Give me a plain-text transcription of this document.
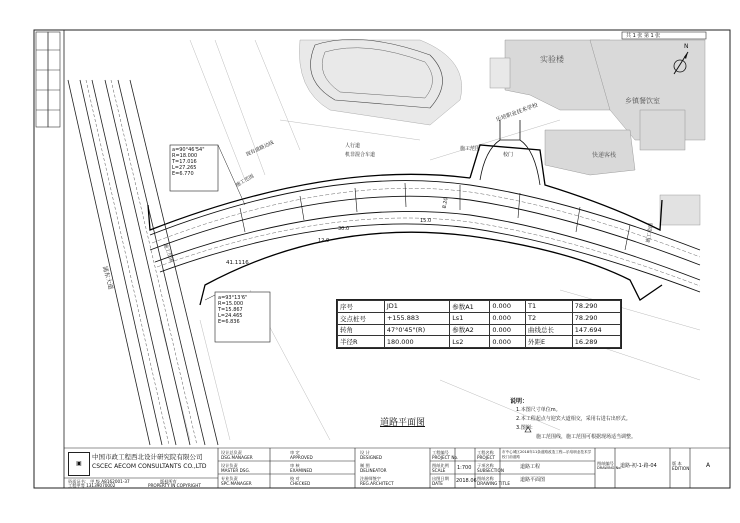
共 1 张 第 1 张
N
实验楼
乐培职业技术学校
乡镇餐饮室
快递客栈
校门
人行道
机非混合车道
现有道路边线	施工范围
施工范围
施工范围
施工范围
浦东大道
30.0
15.0
12.0
8.20
41.1116
a=90°46'54"
R=18.000
T=17.016
L=27.265
E=6.770
a=93°13'6"
R=15.000
T=15.867
L=24.465
E=6.836
序号	JD1	参数A1	0.000	T1	78.290
交点桩号	+155.883	Ls1	0.000	T2	78.290
转角	47°0'45"(R)	参数A2	0.000	曲线总长	147.694
半径R	180.000	Ls2	0.000	外距E	16.289
道路平面图
说明：
1.本图尺寸单位m。
2.本工程起点与迎宾大道相交，采用右进右出形式。
3.图例：
施工范围线，施工范围可根据现场适当调整。
▣
中国市政工程西北设计研究院有限公司
CSCEC AECOM CONSULTANTS CO.,LTD
资质证书： 甲 级 A8162001-37
工程甲等 13139070002
版权所有
PROPERTY IN COPYRIGHT
设计总负责
DSG.MANAGER
设计负责
MASTER DSG.
专业负责
SPC.MANAGER
审 定
APPROVED
审 核
EXAMINED
校 对
CHECKED
设 计
DESIGNED
制 图
DELINEATOR
注册师签字
REG.ARCHITECT
工程编号
PROJECT No.
图纸比例
SCALE 1:700
出图日期
DATE	2018.06
工程名称
PROJECT
市中心城区2018年11条道路改造工程—乐培职业技术学校门前道路
子项名称
SUBSECTION
道路工程
图纸名称
DRAWING TITLE
道路平面图
图纸编号
DRAWING No.
道路-初-1-路-04	版 本
EDITION	A
